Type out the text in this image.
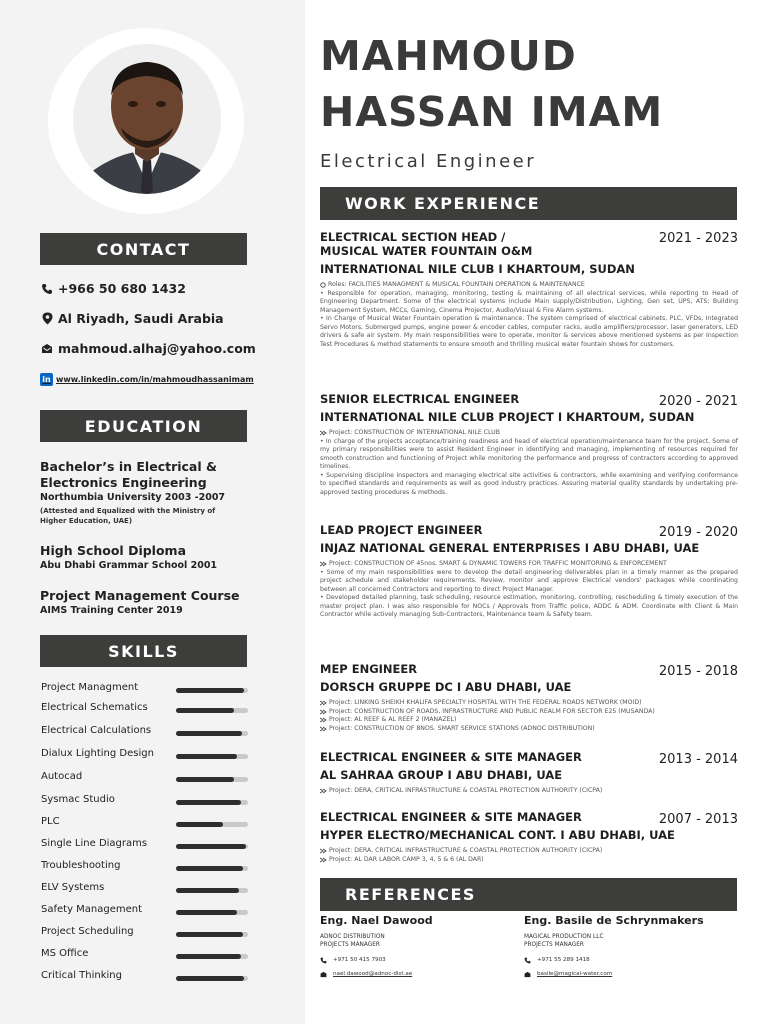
CONTACT
+966 50 680 1432
Al Riyadh, Saudi Arabia
mahmoud.alhaj@yahoo.com
in www.linkedin.com/in/mahmoudhassanimam
EDUCATION
Bachelor’s in Electrical &
Electronics Engineering
Northumbia University 2003 -2007
(Attested and Equalized with the Ministry of
Higher Education, UAE)
High School Diploma
Abu Dhabi Grammar School 2001
Project Management Course
AIMS Training Center 2019
SKILLS
Project Managment
Electrical Schematics
Electrical Calculations
Dialux Lighting Design
Autocad
Sysmac Studio
PLC
Single Line Diagrams
Troubleshooting
ELV Systems
Safety Management
Project Scheduling
MS Office
Critical Thinking
MAHMOUD
HASSAN IMAM
Electrical Engineer
WORK EXPERIENCE
2021 - 2023
ELECTRICAL SECTION HEAD /
MUSICAL WATER FOUNTAIN O&M
INTERNATIONAL NILE CLUB I KHARTOUM, SUDAN
Roles: FACILITIES MANAGMENT & MUSICAL FOUNTAIN OPERATION & MAINTENANCE
• Responsible for operation, managing, monitoring, testing & maintaining of all electrical services, while reporting to Head of Engineering Department. Some of the electrical systems include Main supply/Distribution, Lighting, Gen set, UPS, ATS; Building Management System, MCCs, Gaming, Cinema Projector, Audio/Visual & Fire Alarm systems.
• In Charge of Musical Water Fountain operation & maintenance. The system comprised of electrical cabinets, PLC, VFDs, Integrated Servo Motors, Submerged pumps, engine power & encoder cables, computer racks, audio amplifiers/processor, laser generators, LED drivers & safe air system. My main responsibilities were to operate, monitor & services above mentioned systems as per Inspection Test Procedures & method statements to ensure smooth and thrilling musical water fountain shows for customers.
2020 - 2021
SENIOR ELECTRICAL ENGINEER
INTERNATIONAL NILE CLUB PROJECT I KHARTOUM, SUDAN
Project: CONSTRUCTION OF INTERNATIONAL NILE CLUB
• In charge of the projects acceptance/training readiness and head of electrical operation/maintenance team for the project. Some of my primary responsibilities were to assist Resident Engineer in identifying and managing, implementing of resources required for smooth construction and functioning of Project while monitoring the performance and progress of contractors according to approved timelines.
• Supervising discipline inspectors and managing electrical site activities & contractors, while examining and verifying conformance to specified standards and requirements as well as good industry practices. Assuring material quality standards by undertaking pre-approved testing procedures & methods.
2019 - 2020
LEAD PROJECT ENGINEER
INJAZ NATIONAL GENERAL ENTERPRISES I ABU DHABI, UAE
Project: CONSTRUCTION OF 45nos. SMART & DYNAMIC TOWERS FOR TRAFFIC MONITORING & ENFORCEMENT
• Some of my main responsibilities were to develop the detail engineering deliverables plan in a timely manner as the prepared project schedule and stakeholder requirements. Review, monitor and approve Electrical vendors' packages while coordinating between all concerned Contractors and reporting to direct Project Manager.
• Developed detailed planning, task scheduling, resource estimation, monitoring, controlling, rescheduling & timely execution of the master project plan. I was also responsible for NOCs / Approvals from Traffic police, ADDC & ADM. Coordinate with Client & Main Contractor while actively managing Sub-Contractors, Maintenance team & Safety team.
2015 - 2018
MEP ENGINEER
DORSCH GRUPPE DC I ABU DHABI, UAE
Project: LINKING SHEIKH KHALIFA SPECIALTY HOSPITAL WITH THE FEDERAL ROADS NETWORK (MOID)
Project: CONSTRUCTION OF ROADS, INFRASTRUCTURE AND PUBLIC REALM FOR SECTOR E25 (MUSANDA)
Project: AL REEF & AL REEF 2 (MANAZEL)
Project: CONSTRUCTION OF 8NOS. SMART SERVICE STATIONS (ADNOC DISTRIBUTION)
2013 - 2014
ELECTRICAL ENGINEER & SITE MANAGER
AL SAHRAA GROUP I ABU DHABI, UAE
Project: DERA, CRITICAL INFRASTRUCTURE & COASTAL PROTECTION AUTHORITY (CICPA)
2007 - 2013
ELECTRICAL ENGINEER & SITE MANAGER
HYPER ELECTRO/MECHANICAL CONT. I ABU DHABI, UAE
Project: DERA, CRITICAL INFRASTRUCTURE & COASTAL PROTECTION AUTHORITY (CICPA)
Project: AL DAR LABOR CAMP 3, 4, 5 & 6 (AL DAR)
REFERENCES
Eng. Nael Dawood
ADNOC DISTRIBUTION
PROJECTS MANAGER
+971 50 415 7903
nael.dawood@adnoc-dist.ae
Eng. Basile de Schrynmakers
MAGICAL PRODUCTION LLC
PROJECTS MANAGER
+971 55 289 1418
basile@magical-water.com
